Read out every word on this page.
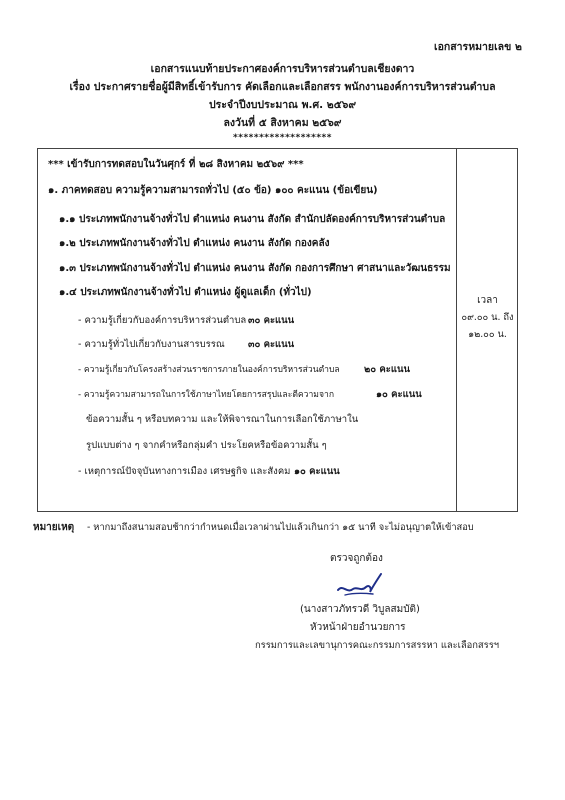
เอกสารหมายเลข ๒
เอกสารแนบท้ายประกาศองค์การบริหารส่วนตำบลเชียงดาว
เรื่อง ประกาศรายชื่อผู้มีสิทธิ์เข้ารับการ คัดเลือกและเลือกสรร พนักงานองค์การบริหารส่วนตำบล
ประจำปีงบประมาณ พ.ศ. ๒๕๖๙
ลงวันที่ ๕ สิงหาคม ๒๕๖๙
*******************
*** เข้ารับการทดสอบในวันศุกร์ ที่ ๒๘ สิงหาคม ๒๕๖๙ ***
๑. ภาคทดสอบ ความรู้ความสามารถทั่วไป (๕๐ ข้อ) ๑๐๐ คะแนน (ข้อเขียน)
๑.๑ ประเภทพนักงานจ้างทั่วไป ตำแหน่ง คนงาน สังกัด สำนักปลัดองค์การบริหารส่วนตำบล
๑.๒ ประเภทพนักงานจ้างทั่วไป ตำแหน่ง คนงาน สังกัด กองคลัง
๑.๓ ประเภทพนักงานจ้างทั่วไป ตำแหน่ง คนงาน สังกัด กองการศึกษา ศาสนาและวัฒนธรรม
๑.๔ ประเภทพนักงานจ้างทั่วไป ตำแหน่ง ผู้ดูแลเด็ก (ทั่วไป)
- ความรู้เกี่ยวกับองค์การบริหารส่วนตำบล ๓๐ คะแนน
- ความรู้ทั่วไปเกี่ยวกับงานสารบรรณ ๓๐ คะแนน
- ความรู้เกี่ยวกับโครงสร้างส่วนราชการภายในองค์การบริหารส่วนตำบล	๒๐ คะแนน
- ความรู้ความสามารถในการใช้ภาษาไทยโดยการสรุปและตีความจาก	๑๐ คะแนน
ข้อความสั้น ๆ หรือบทความ และให้พิจารณาในการเลือกใช้ภาษาใน
รูปแบบต่าง ๆ จากคำหรือกลุ่มคำ ประโยคหรือข้อความสั้น ๆ
- เหตุการณ์ปัจจุบันทางการเมือง เศรษฐกิจ และสังคม ๑๐ คะแนน
เวลา
๐๙.๐๐ น. ถึง
๑๒.๐๐ น.
หมายเหตุ - หากมาถึงสนามสอบช้ากว่ากำหนดเมื่อเวลาผ่านไปแล้วเกินกว่า ๑๕ นาที จะไม่อนุญาตให้เข้าสอบ
ตรวจถูกต้อง
(นางสาวภัทรวดี วิบูลสมบัติ)
หัวหน้าฝ่ายอำนวยการ
กรรมการและเลขานุการคณะกรรมการสรรหา และเลือกสรรฯ
